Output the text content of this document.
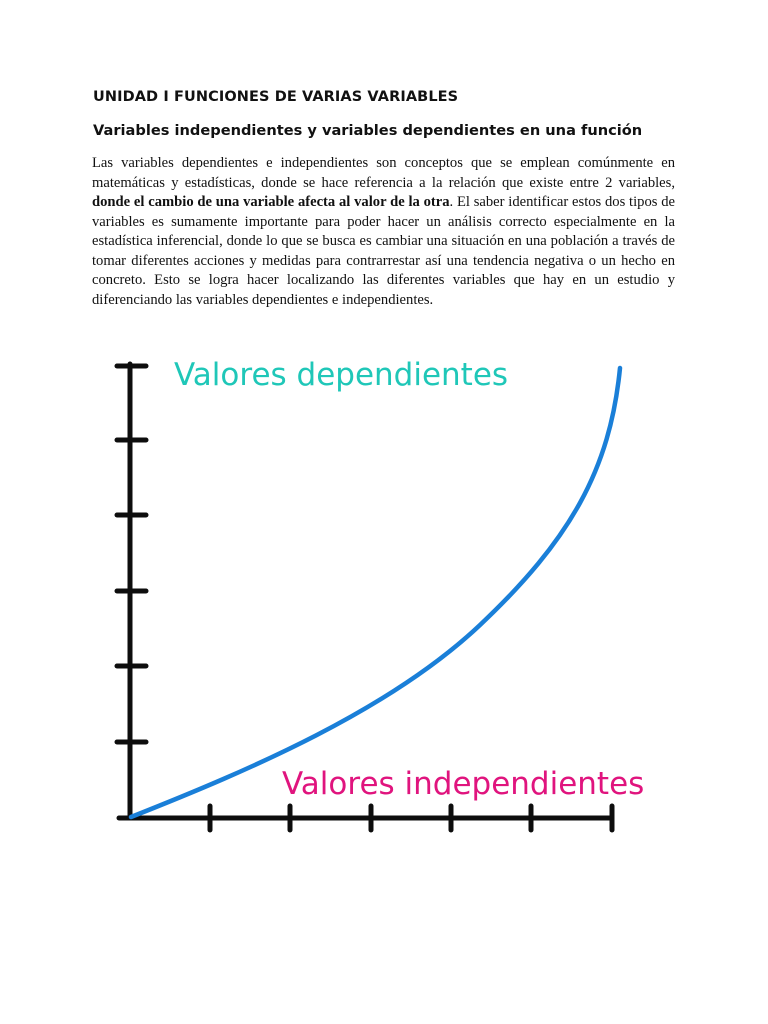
UNIDAD I FUNCIONES DE VARIAS VARIABLES
Variables independientes y variables dependientes en una función

Las variables dependientes e independientes son conceptos que se emplean comúnmente en matemáticas y estadísticas, donde se hace referencia a la relación que existe entre 2 variables, donde el cambio de una variable afecta al valor de la otra. El saber identificar estos dos tipos de variables es sumamente importante para poder hacer un análisis correcto especialmente en la estadística inferencial, donde lo que se busca es cambiar una situación en una población a través de tomar diferentes acciones y medidas para contrarrestar así una tendencia negativa o un hecho en concreto. Esto se logra hacer localizando las diferentes variables que hay en un estudio y diferenciando las variables dependientes e independientes.

Valores dependientes
Valores independientes
